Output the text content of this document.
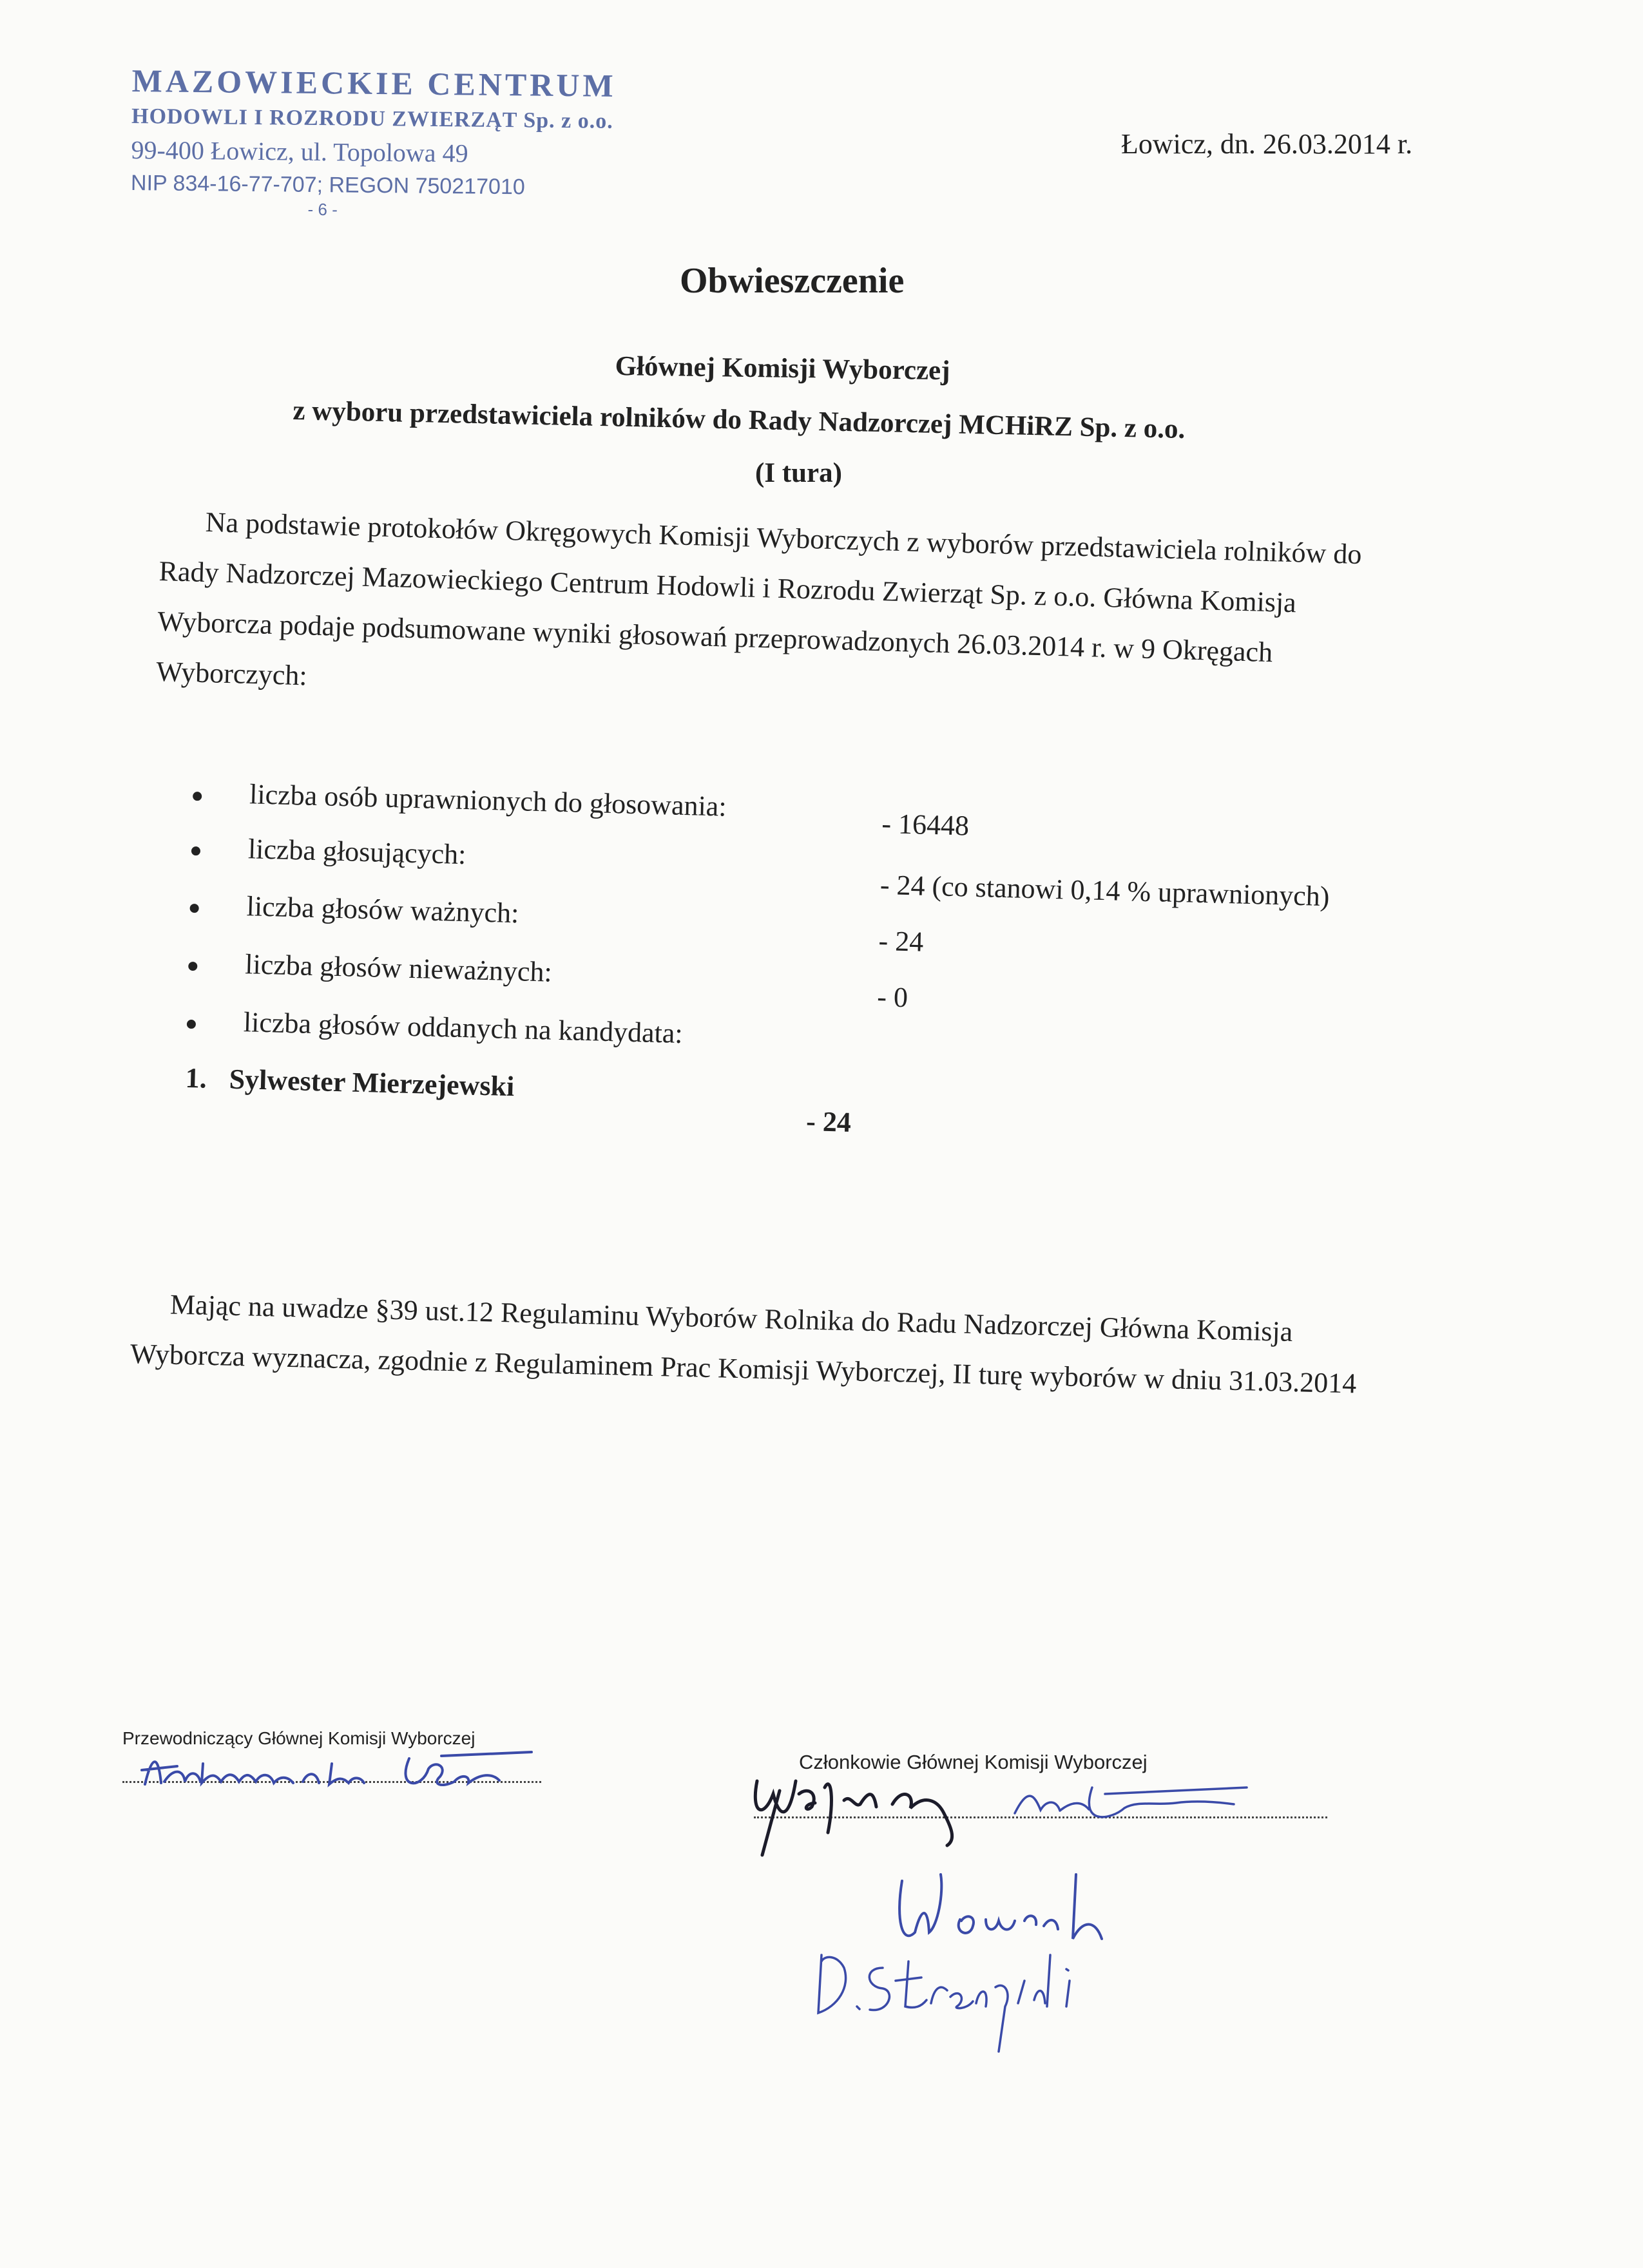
MAZOWIECKIE CENTRUM
HODOWLI I ROZRODU ZWIERZĄT Sp. z o.o.
99-400 Łowicz, ul. Topolowa 49
NIP 834-16-77-707; REGON 750217010
- 6 -
Łowicz, dn. 26.03.2014 r.
Obwieszczenie
Głównej Komisji Wyborczej
z wyboru przedstawiciela rolników do Rady Nadzorczej MCHiRZ Sp. z o.o.
(I tura)

Na podstawie protokołów Okręgowych Komisji Wyborczych z wyborów przedstawiciela rolników do Rady Nadzorczej Mazowieckiego Centrum Hodowli i Rozrodu Zwierząt Sp. z o.o. Główna Komisja Wyborcza podaje podsumowane wyniki głosowań przeprowadzonych 26.03.2014 r. w 9 Okręgach Wyborczych:

liczba osób uprawnionych do głosowania:
- 16448
liczba głosujących:
- 24 (co stanowi 0,14 % uprawnionych)
liczba głosów ważnych:
- 24
liczba głosów nieważnych:
- 0
liczba głosów oddanych na kandydata:
1. Sylwester Mierzejewski
- 24

Mając na uwadze §39 ust.12 Regulaminu Wyborów Rolnika do Radu Nadzorczej Główna Komisja Wyborcza wyznacza, zgodnie z Regulaminem Prac Komisji Wyborczej, II turę wyborów w dniu 31.03.2014

Przewodniczący Głównej Komisji Wyborczej
Członkowie Głównej Komisji Wyborczej
